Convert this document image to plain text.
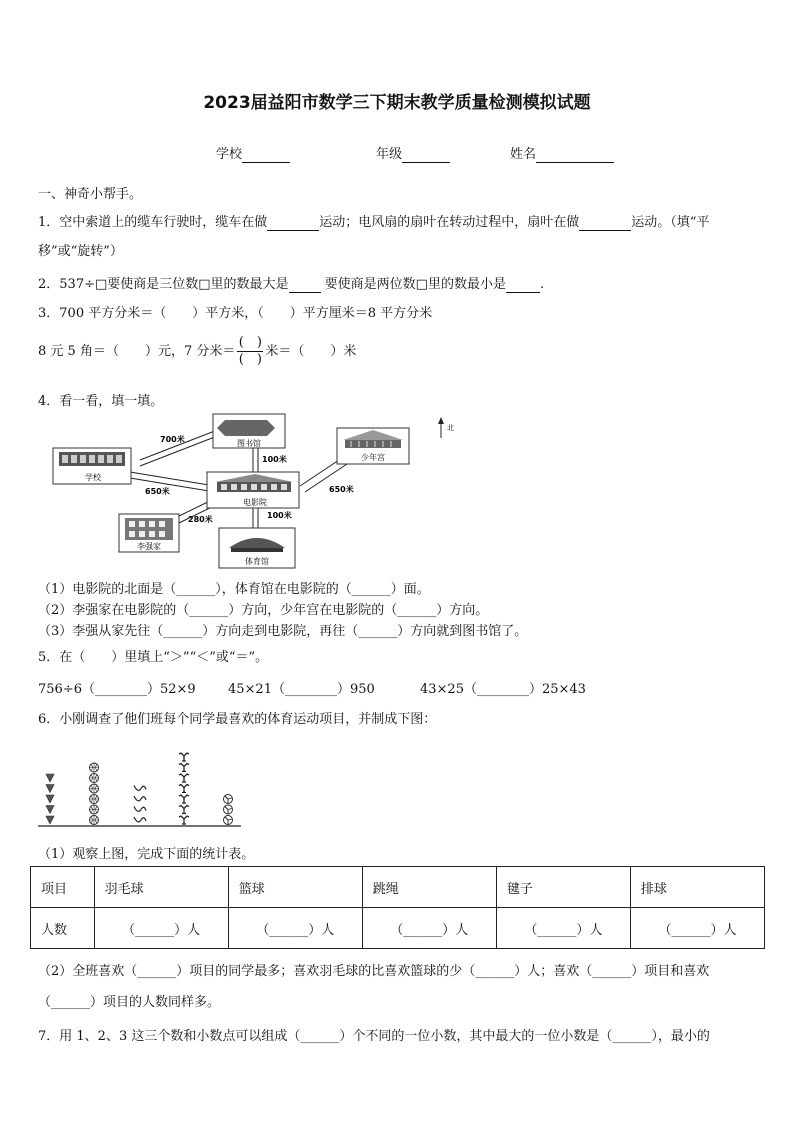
2023届益阳市数学三下期末教学质量检测模拟试题
学校	年级	姓名
一、神奇小帮手。
1．空中索道上的缆车行驶时，缆车在做	运动；电风扇的扇叶在转动过程中，扇叶在做	运动。（填“平
移”或“旋转”）
2．537÷□要使商是三位数□里的数最大是  要使商是两位数□里的数最小是	.
3．700 平方分米＝（　　）平方米，（　　）平方厘米＝8 平方分米
8 元 5 角＝（　　）元，7 分米＝ $\frac{( )}{( )}$ 米＝（　　）米
4．看一看，填一填。
图书馆
学校
电影院
少年宫
李强家
体育馆
700米
100米
650米	650米
280米	100米
北
（1）电影院的北面是（______），体育馆在电影院的（______）面。
（2）李强家在电影院的（______）方向，少年宫在电影院的（______）方向。
（3）李强从家先往（______）方向走到电影院，再往（______）方向就到图书馆了。
5．在（　　）里填上“＞”“＜”或“＝”。
756÷6（________）52×9 45×21（________）950	43×25（________）25×43
6．小刚调查了他们班每个同学最喜欢的体育运动项目，并制成下图：
（1）观察上图，完成下面的统计表。
项目	羽毛球	篮球	跳绳	毽子	排球
人数	（______）人	（______）人	（______）人	（______）人	（______）人
（2）全班喜欢（______）项目的同学最多；喜欢羽毛球的比喜欢篮球的少（______）人；喜欢（______）项目和喜欢
（______）项目的人数同样多。
7．用 1、2、3 这三个数和小数点可以组成（______）个不同的一位小数，其中最大的一位小数是（______），最小的
